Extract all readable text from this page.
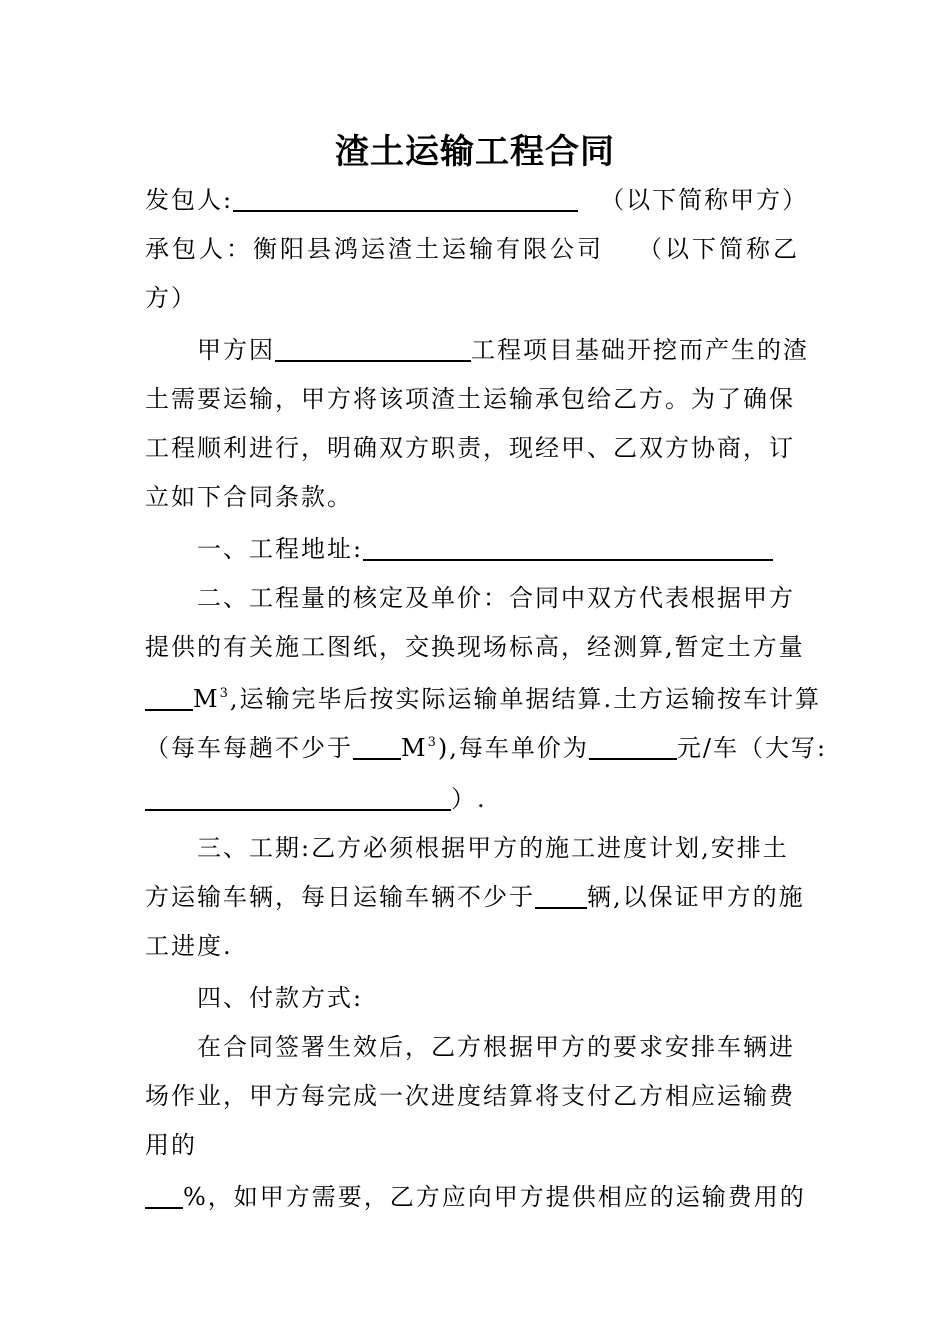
渣土运输工程合同
发包人:	（以下简称甲方）
承包人：衡阳县鸿运渣土运输有限公司 （以下简称乙
方）
甲方因	工程项目基础开挖而产生的渣
土需要运输，甲方将该项渣土运输承包给乙方。为了确保
工程顺利进行，明确双方职责，现经甲、乙双方协商，订
立如下合同条款。
一、工程地址:
二、工程量的核定及单价：合同中双方代表根据甲方
提供的有关施工图纸，交换现场标高，经测算,暂定土方量
$M^3$,运输完毕后按实际运输单据结算.土方运输按车计算
（每车每趟不少于 $M^3$),每车单价为	元/车（大写:
）.
三、工期:乙方必须根据甲方的施工进度计划,安排土
方运输车辆，每日运输车辆不少于 辆,以保证甲方的施
工进度.
四、付款方式:
在合同签署生效后，乙方根据甲方的要求安排车辆进
场作业，甲方每完成一次进度结算将支付乙方相应运输费
用的
%，如甲方需要，乙方应向甲方提供相应的运输费用的
